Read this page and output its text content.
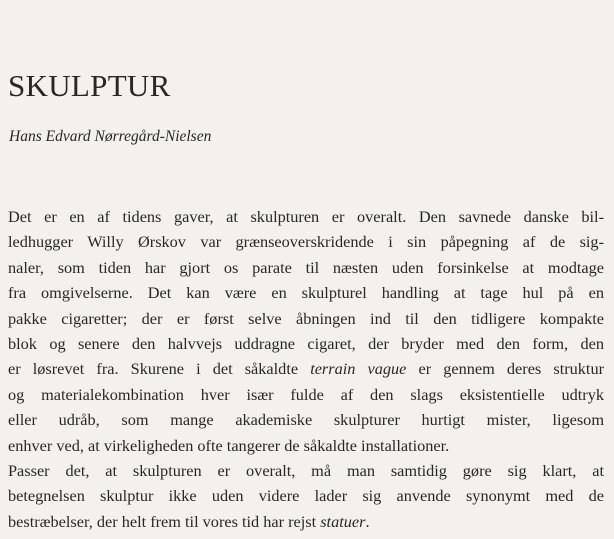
SKULPTUR

Hans Edvard Nørregård-Nielsen

Det er en af tidens gaver, at skulpturen er overalt. Den savnede danske bil-
ledhugger Willy Ørskov var grænseoverskridende i sin påpegning af de sig-
naler, som tiden har gjort os parate til næsten uden forsinkelse at modtage
fra omgivelserne. Det kan være en skulpturel handling at tage hul på en
pakke cigaretter; der er først selve åbningen ind til den tidligere kompakte
blok og senere den halvvejs uddragne cigaret, der bryder med den form, den
er løsrevet fra. Skurene i det såkaldte terrain vague er gennem deres struktur
og materialekombination hver især fulde af den slags eksistentielle udtryk
eller udråb, som mange akademiske skulpturer hurtigt mister, ligesom
enhver ved, at virkeligheden ofte tangerer de såkaldte installationer.

Passer det, at skulpturen er overalt, må man samtidig gøre sig klart, at
betegnelsen skulptur ikke uden videre lader sig anvende synonymt med de
bestræbelser, der helt frem til vores tid har rejst statuer.
